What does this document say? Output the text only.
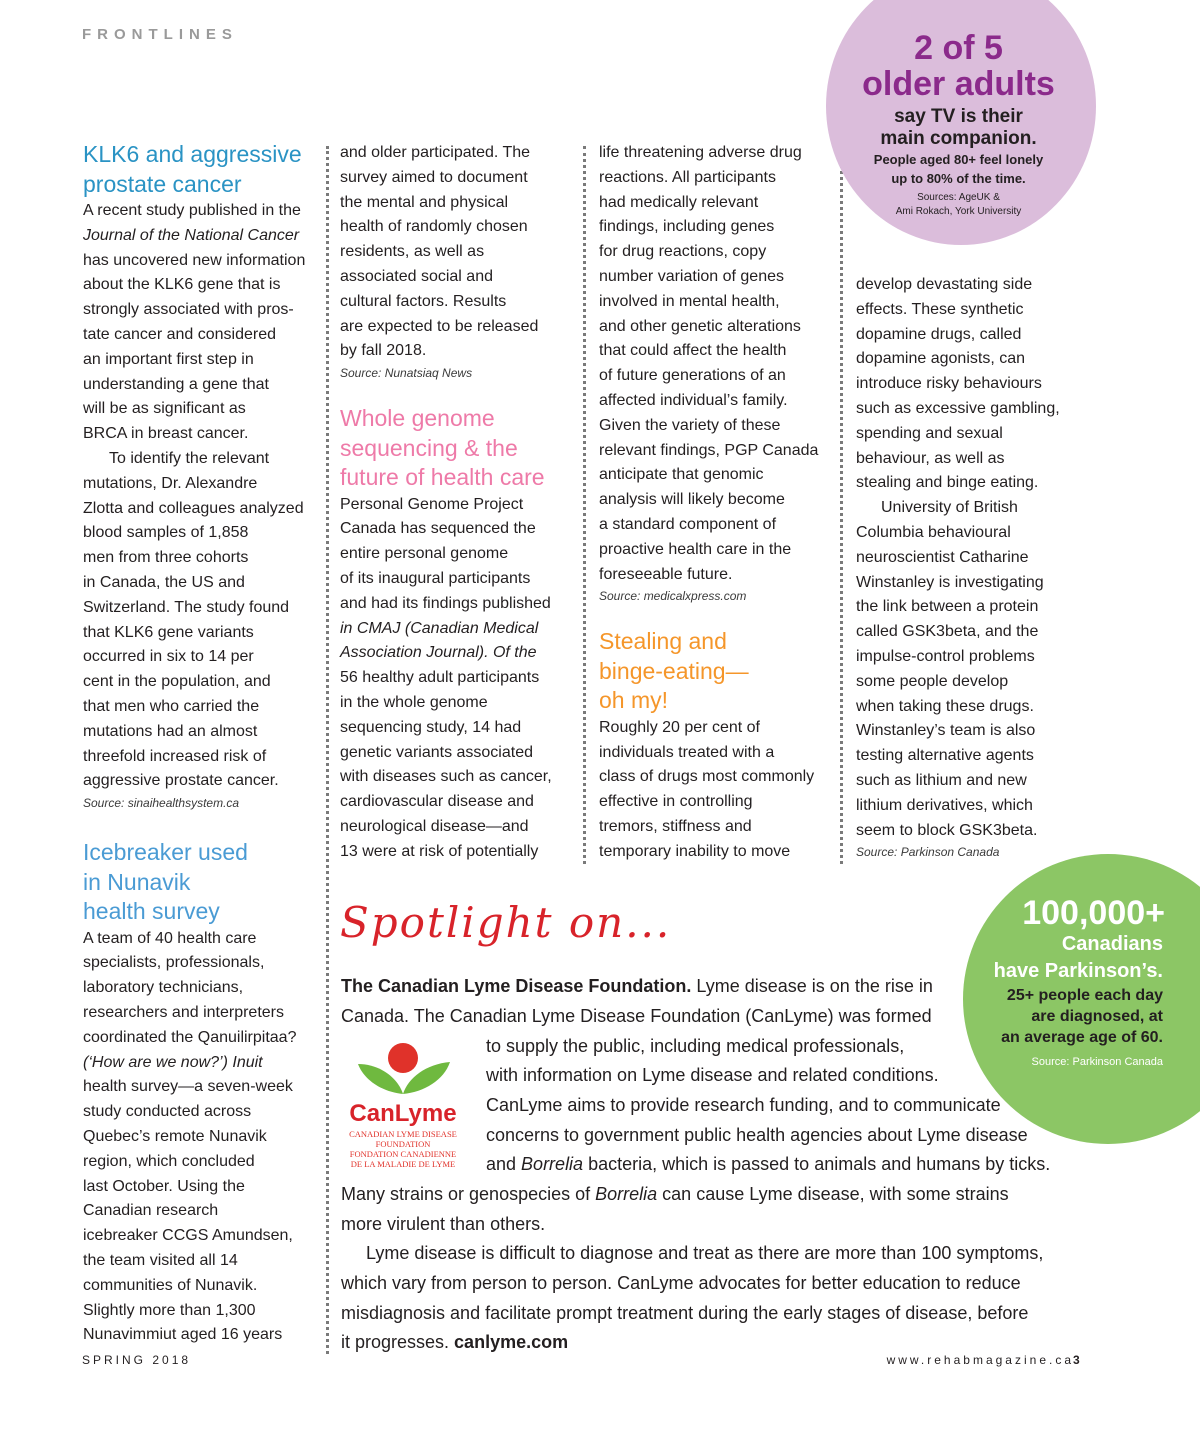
FRONTLINES
KLK6 and aggressive
prostate cancer

A recent study published in the
Journal of the National Cancer
has uncovered new information
about the KLK6 gene that is
strongly associated with pros-
tate cancer and considered
an important first step in
understanding a gene that
will be as significant as
BRCA in breast cancer.

To identify the relevant
mutations, Dr. Alexandre
Zlotta and colleagues analyzed
blood samples of 1,858
men from three cohorts
in Canada, the US and
Switzerland. The study found
that KLK6 gene variants
occurred in six to 14 per
cent in the population, and
that men who carried the
mutations had an almost
threefold increased risk of
aggressive prostate cancer.

Source: sinaihealthsystem.ca
Icebreaker used
in Nunavik
health survey

A team of 40 health care
specialists, professionals,
laboratory technicians,
researchers and interpreters
coordinated the Qanuilirpitaa?
(‘How are we now?’) Inuit
health survey—a seven-week
study conducted across
Quebec’s remote Nunavik
region, which concluded
last October. Using the
Canadian research
icebreaker CCGS Amundsen,
the team visited all 14
communities of Nunavik.
Slightly more than 1,300
Nunavimmiut aged 16 years

and older participated. The
survey aimed to document
the mental and physical
health of randomly chosen
residents, as well as
associated social and
cultural factors. Results
are expected to be released
by fall 2018.

Source: Nunatsiaq News
Whole genome
sequencing & the
future of health care

Personal Genome Project
Canada has sequenced the
entire personal genome
of its inaugural participants
and had its findings published
in CMAJ (Canadian Medical
Association Journal). Of the
56 healthy adult participants
in the whole genome
sequencing study, 14 had
genetic variants associated
with diseases such as cancer,
cardiovascular disease and
neurological disease—and
13 were at risk of potentially

life threatening adverse drug
reactions. All participants
had medically relevant
findings, including genes
for drug reactions, copy
number variation of genes
involved in mental health,
and other genetic alterations
that could affect the health
of future generations of an
affected individual’s family.
Given the variety of these
relevant findings, PGP Canada
anticipate that genomic
analysis will likely become
a standard component of
proactive health care in the
foreseeable future.

Source: medicalxpress.com
Stealing and
binge-eating—
oh my!

Roughly 20 per cent of
individuals treated with a
class of drugs most commonly
effective in controlling
tremors, stiffness and
temporary inability to move

develop devastating side
effects. These synthetic
dopamine drugs, called
dopamine agonists, can
introduce risky behaviours
such as excessive gambling,
spending and sexual
behaviour, as well as
stealing and binge eating.

University of British
Columbia behavioural
neuroscientist Catharine
Winstanley is investigating
the link between a protein
called GSK3beta, and the
impulse-control problems
some people develop
when taking these drugs.
Winstanley’s team is also
testing alternative agents
such as lithium and new
lithium derivatives, which
seem to block GSK3beta.

Source: Parkinson Canada
2 of 5
older adults
say TV is their
main companion.
People aged 80+ feel lonely
up to 80% of the time.
Sources: AgeUK &
Ami Rokach, York University
100,000+
Canadians
have Parkinson’s.
25+ people each day
are diagnosed, at
an average age of 60.
Source: Parkinson Canada
Spotlight on...
The Canadian Lyme Disease Foundation. Lyme disease is on the rise in
Canada. The Canadian Lyme Disease Foundation (CanLyme) was formed
to supply the public, including medical professionals,
with information on Lyme disease and related conditions.
CanLyme aims to provide research funding, and to communicate
concerns to government public health agencies about Lyme disease
and Borrelia bacteria, which is passed to animals and humans by ticks.
Many strains or genospecies of Borrelia can cause Lyme disease, with some strains
more virulent than others.
Lyme disease is difficult to diagnose and treat as there are more than 100 symptoms,
which vary from person to person. CanLyme advocates for better education to reduce
misdiagnosis and facilitate prompt treatment during the early stages of disease, before
it progresses. canlyme.com
CanLyme
CANADIAN LYME DISEASE
FOUNDATION
FONDATION CANADIENNE
DE LA MALADIE DE LYME
SPRING 2018	www.rehabmagazine.ca 3
